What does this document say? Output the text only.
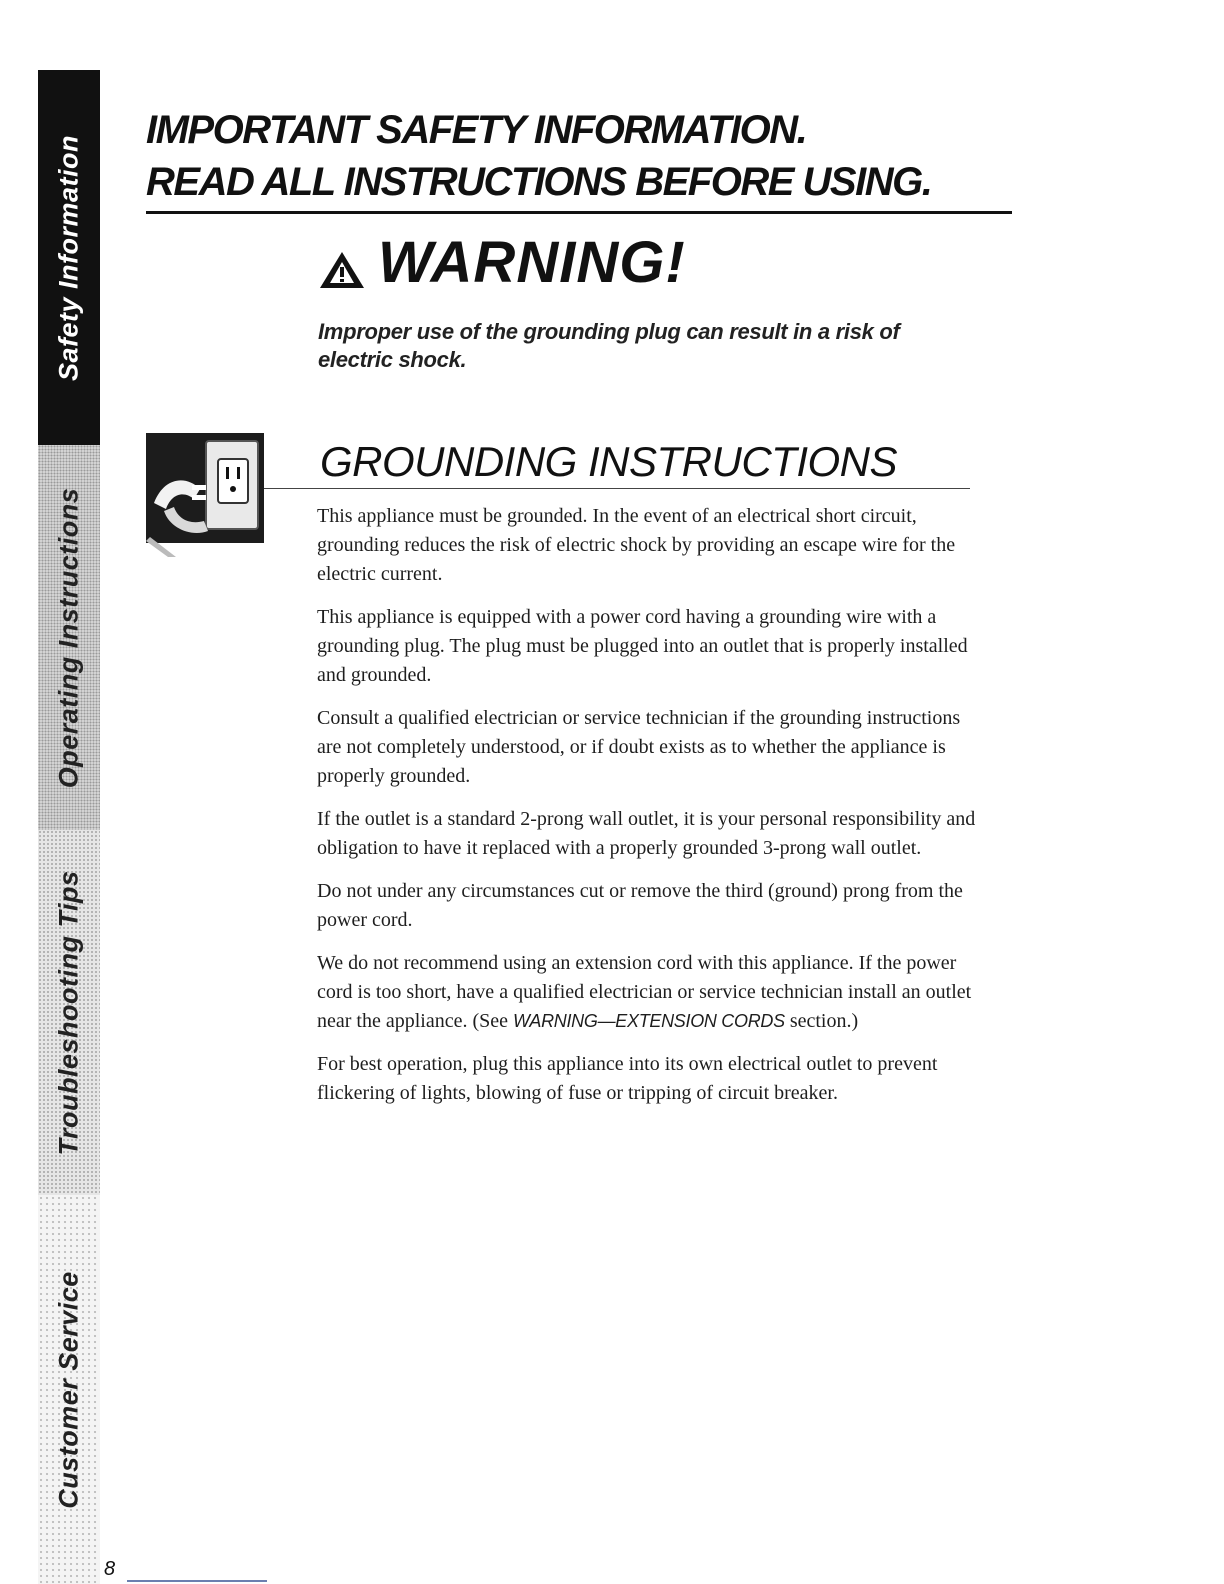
Safety Information
Operating Instructions
Troubleshooting Tips
Customer Service
IMPORTANT SAFETY INFORMATION.
READ ALL INSTRUCTIONS BEFORE USING.
WARNING!
Improper use of the grounding plug can result in a risk of electric shock.
GROUNDING INSTRUCTIONS

This appliance must be grounded. In the event of an electrical short circuit, grounding reduces the risk of electric shock by providing an escape wire for the electric current.

This appliance is equipped with a power cord having a grounding wire with a grounding plug. The plug must be plugged into an outlet that is properly installed and grounded.

Consult a qualified electrician or service technician if the grounding instructions are not completely understood, or if doubt exists as to whether the appliance is properly grounded.

If the outlet is a standard 2-prong wall outlet, it is your personal responsibility and obligation to have it replaced with a properly grounded 3-prong wall outlet.

Do not under any circumstances cut or remove the third (ground) prong from the power cord.

We do not recommend using an extension cord with this appliance. If the power cord is too short, have a qualified electrician or service technician install an outlet near the appliance. (See WARNING—EXTENSION CORDS section.)

For best operation, plug this appliance into its own electrical outlet to prevent flickering of lights, blowing of fuse or tripping of circuit breaker.

8
